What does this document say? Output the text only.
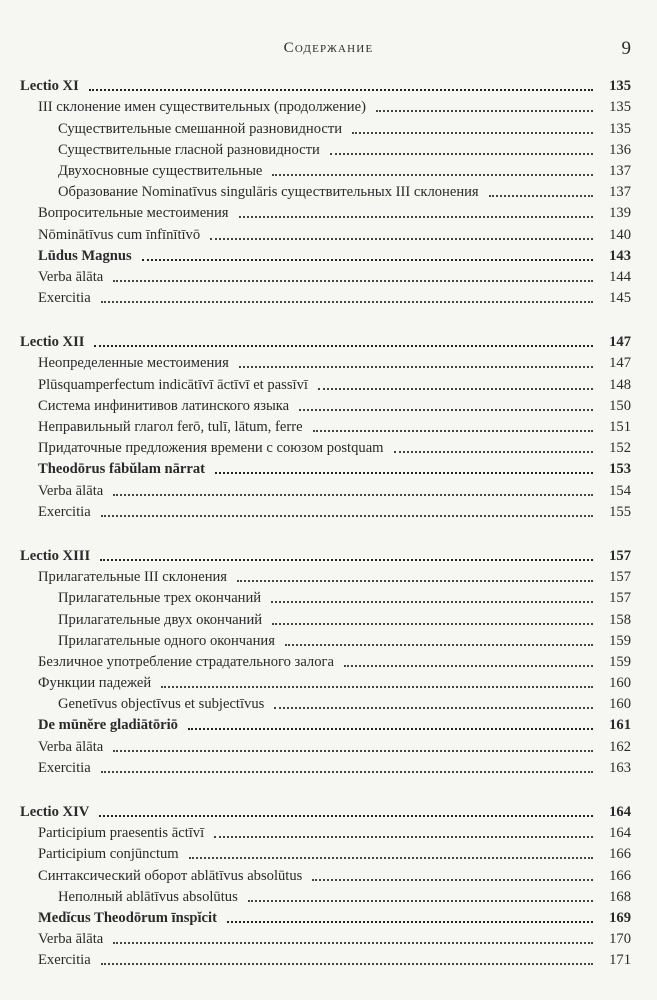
Содержание	9
Lectio XI	135
III склонение имен существительных (продолжение)	135
Существительные смешанной разновидности	135
Существительные гласной разновидности	136
Двухосновные существительные	137
Образование Nominatīvus singulāris существительных III склонения	137
Вопросительные местоимения	139
Nōminātīvus cum īnfīnītīvō	140
Lūdus Magnus	143
Verba ālāta	144
Exercitia	145
Lectio XII	147
Неопределенные местоимения	147
Plūsquamperfectum indicātīvī āctīvī et passīvī	148
Система инфинитивов латинского языка	150
Неправильный глагол ferō, tulī, lātum, ferre	151
Придаточные предложения времени с союзом postquam	152
Theodōrus fābŭlam nārrat	153
Verba ālāta	154
Exercitia	155
Lectio XIII	157
Прилагательные III склонения	157
Прилагательные трех окончаний	157
Прилагательные двух окончаний	158
Прилагательные одного окончания	159
Безличное употребление страдательного залога	159
Функции падежей	160
Genetīvus objectīvus et subjectīvus	160
De mūnĕre gladiātōriō	161
Verba ālāta	162
Exercitia	163
Lectio XIV	164
Participium praesentis āctīvī	164
Participium conjūnctum	166
Синтаксический оборот ablātīvus absolūtus	166
Неполный ablātīvus absolūtus	168
Medĭcus Theodōrum īnspĭcit	169
Verba ālāta	170
Exercitia	171
